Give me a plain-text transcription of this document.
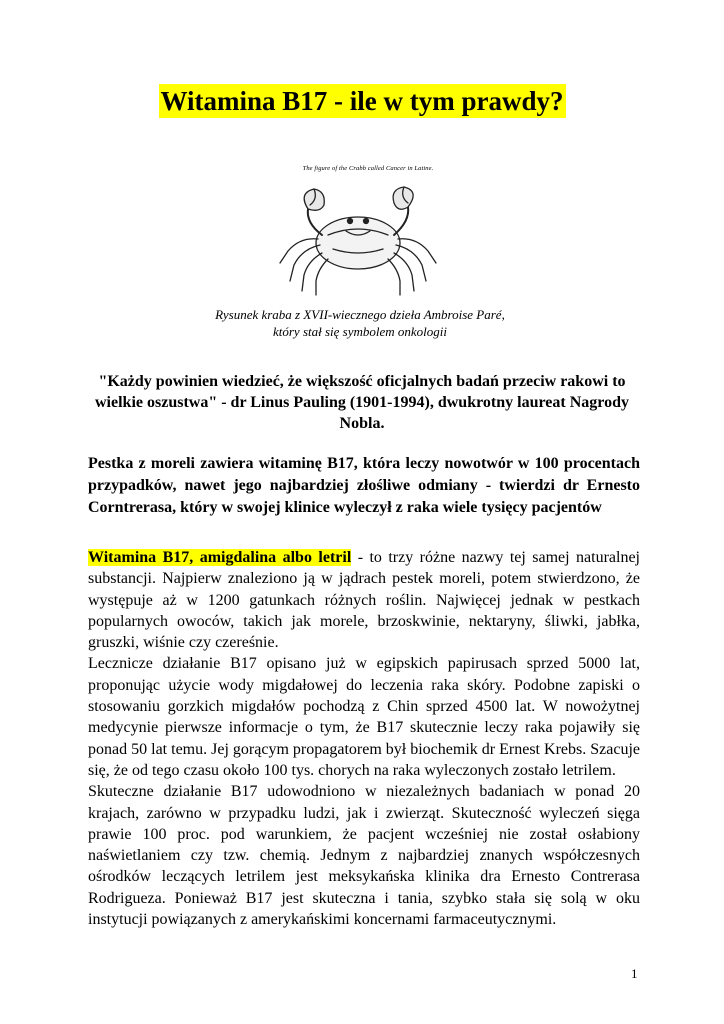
Witamina B17 - ile w tym prawdy?
The figure of the Crabb called Cancer in Latine.
Rysunek kraba z XVII-wiecznego dzieła Ambroise Paré,
który stał się symbolem onkologii
"Każdy powinien wiedzieć, że większość oficjalnych badań przeciw rakowi to wielkie oszustwa" - dr Linus Pauling (1901-1994), dwukrotny laureat Nagrody Nobla.
Pestka z moreli zawiera witaminę B17, która leczy nowotwór w 100 procentach przypadków, nawet jego najbardziej złośliwe odmiany - twierdzi dr Ernesto Corntrerasa, który w swojej klinice wyleczył z raka wiele tysięcy pacjentów

Witamina B17, amigdalina albo letril - to trzy różne nazwy tej samej naturalnej substancji. Najpierw znaleziono ją w jądrach pestek moreli, potem stwierdzono, że występuje aż w 1200 gatunkach różnych roślin. Najwięcej jednak w pestkach popularnych owoców, takich jak morele, brzoskwinie, nektaryny, śliwki, jabłka, gruszki, wiśnie czy czereśnie.

Lecznicze działanie B17 opisano już w egipskich papirusach sprzed 5000 lat, proponując użycie wody migdałowej do leczenia raka skóry. Podobne zapiski o stosowaniu gorzkich migdałów pochodzą z Chin sprzed 4500 lat. W nowożytnej medycynie pierwsze informacje o tym, że B17 skutecznie leczy raka pojawiły się ponad 50 lat temu. Jej gorącym propagatorem był biochemik dr Ernest Krebs. Szacuje się, że od tego czasu około 100 tys. chorych na raka wyleczonych zostało letrilem.

Skuteczne działanie B17 udowodniono w niezależnych badaniach w ponad 20 krajach, zarówno w przypadku ludzi, jak i zwierząt. Skuteczność wyleczeń sięga prawie 100 proc. pod warunkiem, że pacjent wcześniej nie został osłabiony naświetlaniem czy tzw. chemią. Jednym z najbardziej znanych współczesnych ośrodków leczących letrilem jest meksykańska klinika dra Ernesto Contrerasa Rodrigueza. Ponieważ B17 jest skuteczna i tania, szybko stała się solą w oku instytucji powiązanych z amerykańskimi koncernami farmaceutycznymi.

1
